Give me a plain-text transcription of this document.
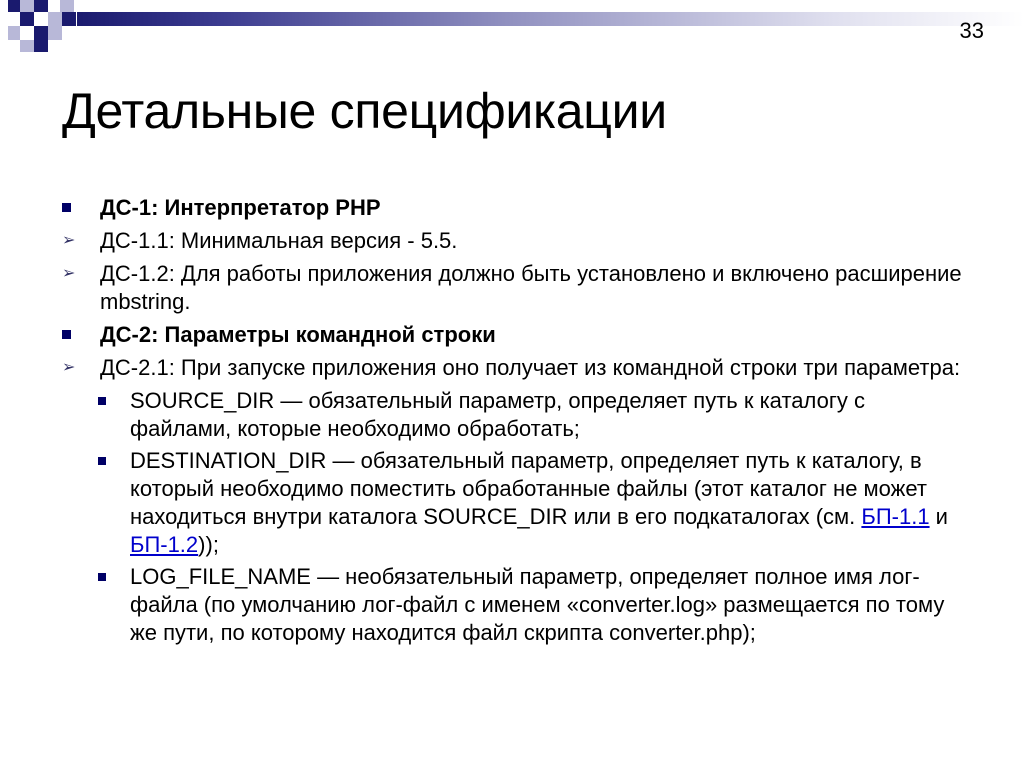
33
Детальные спецификации
ДС-1: Интерпретатор PHP
➢ ДС-1.1: Минимальная версия - 5.5.
➢ ДС-1.2: Для работы приложения должно быть установлено и включено расширение mbstring.
ДС-2: Параметры командной строки
➢ ДС-2.1: При запуске приложения оно получает из командной строки три параметра:
SOURCE_DIR — обязательный параметр, определяет путь к каталогу с файлами, которые необходимо обработать;
DESTINATION_DIR — обязательный параметр, определяет путь к каталогу, в который необходимо поместить обработанные файлы (этот каталог не может находиться внутри каталога SOURCE_DIR или в его подкаталогах (см. БП-1.1 и БП-1.2));
LOG_FILE_NAME — необязательный параметр, определяет полное имя лог-файла (по умолчанию лог-файл с именем «converter.log» размещается по тому же пути, по которому находится файл скрипта converter.php);
